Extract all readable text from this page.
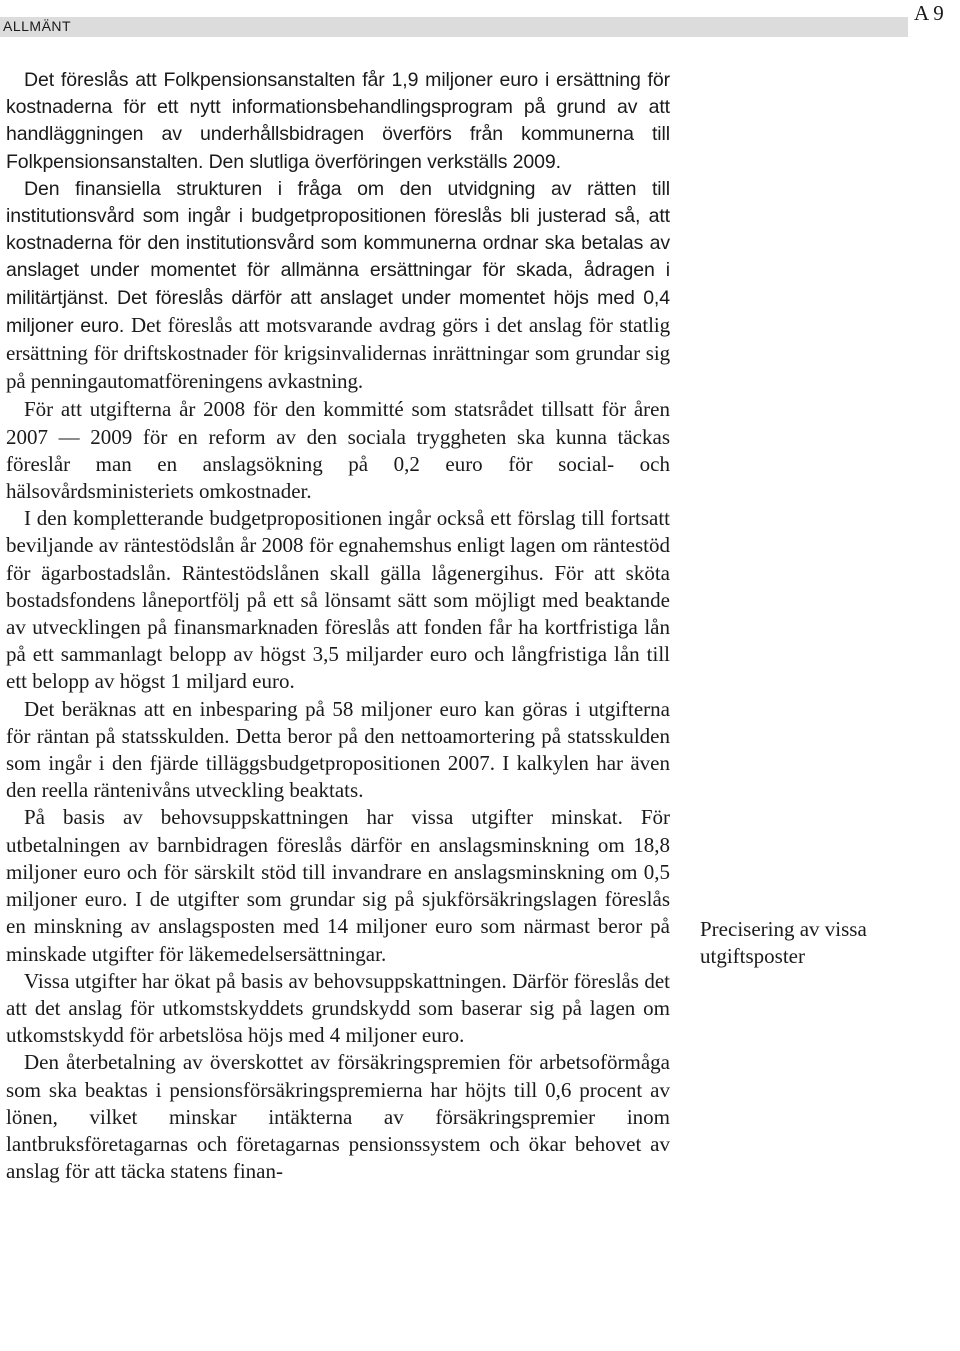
ALLMÄNT
A 9

Det föreslås att Folkpensionsanstalten får 1,9 miljoner euro i ersättning för kostnaderna för ett nytt informationsbehandlingsprogram på grund av att handläggningen av underhållsbidragen överförs från kommunerna till Folkpensionsanstalten. Den slutliga överföringen verkställs 2009.

Den finansiella strukturen i fråga om den utvidgning av rätten till institutionsvård som ingår i budgetpropositionen föreslås bli justerad så, att kostnaderna för den institutionsvård som kommunerna ordnar ska betalas av anslaget under momentet för allmänna ersättningar för skada, ådragen i militärtjänst. Det föreslås därför att anslaget under momentet höjs med 0,4 miljoner euro. Det föreslås att motsvarande avdrag görs i det anslag för statlig ersättning för driftskostnader för krigsinvalidernas inrättningar som grundar sig på penningautomatföreningens avkastning.

För att utgifterna år 2008 för den kommitté som statsrådet tillsatt för åren 2007 — 2009 för en reform av den sociala tryggheten ska kunna täckas föreslår man en anslagsökning på 0,2 euro för social- och hälsovårdsministeriets omkostnader.

I den kompletterande budgetpropositionen ingår också ett förslag till fortsatt beviljande av räntestödslån år 2008 för egnahemshus enligt lagen om räntestöd för ägarbostadslån. Räntestödslånen skall gälla lågenergihus. För att sköta bostadsfondens låneportfölj på ett så lönsamt sätt som möjligt med beaktande av utvecklingen på finansmarknaden föreslås att fonden får ha kortfristiga lån på ett sammanlagt belopp av högst 3,5 miljarder euro och långfristiga lån till ett belopp av högst 1 miljard euro.

Det beräknas att en inbesparing på 58 miljoner euro kan göras i utgifterna för räntan på statsskulden. Detta beror på den nettoamortering på statsskulden som ingår i den fjärde tilläggsbudgetpropositionen 2007. I kalkylen har även den reella räntenivåns utveckling beaktats.

På basis av behovsuppskattningen har vissa utgifter minskat. För utbetalningen av barnbidragen föreslås därför en anslagsminskning om 18,8 miljoner euro och för särskilt stöd till invandrare en anslagsminskning om 0,5 miljoner euro. I de utgifter som grundar sig på sjukförsäkringslagen föreslås en minskning av anslagsposten med 14 miljoner euro som närmast beror på minskade utgifter för läkemedelsersättningar.

Vissa utgifter har ökat på basis av behovsuppskattningen. Därför föreslås det att det anslag för utkomstskyddets grundskydd som baserar sig på lagen om utkomstskydd för arbetslösa höjs med 4 miljoner euro.

Den återbetalning av överskottet av försäkringspremien för arbetsoförmåga som ska beaktas i pensionsförsäkringspremierna har höjts till 0,6 procent av lönen, vilket minskar intäkterna av försäkringspremier inom lantbruksföretagarnas och företagarnas pensionssystem och ökar behovet av anslag för att täcka statens finan-

Precisering av vissa utgiftsposter
